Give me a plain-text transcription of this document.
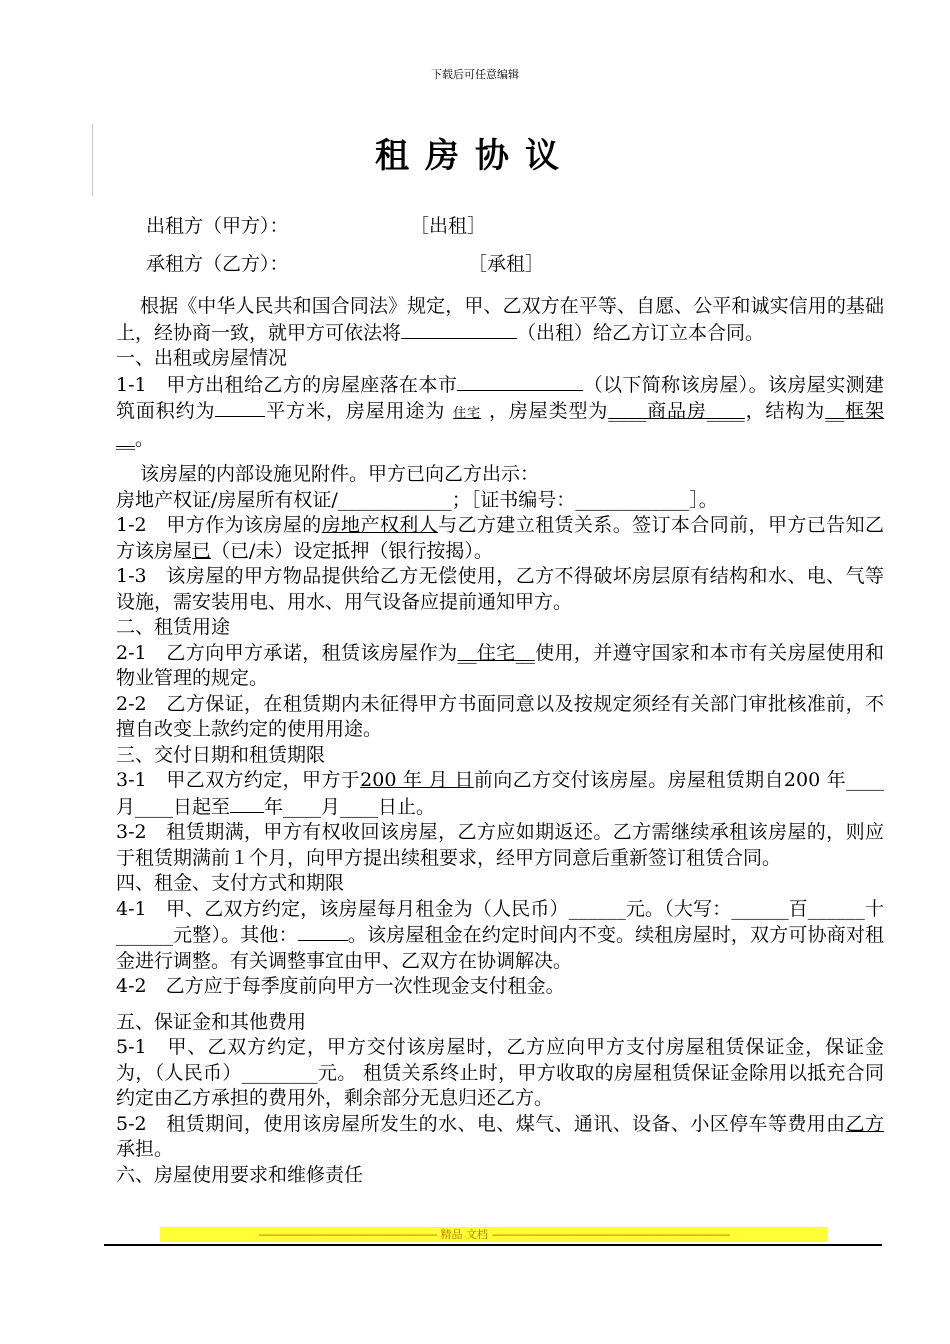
下载后可任意编辑
租房协议
出租方（甲方）：	［出租］
承租方（乙方）：	［承租］

根据《中华人民共和国合同法》规定，甲、乙双方在平等、自愿、公平和诚实信用的基础上，经协商一致，就甲方可依法将	（出租）给乙方订立本合同。

一、出租或房屋情况

1-1　甲方出租给乙方的房屋座落在本市	（以下简称该房屋）。该房屋实测建筑面积约为	平方米，房屋用途为 住宅 ，房屋类型为____商品房____，结构为__框架__。

该房屋的内部设施见附件。甲方已向乙方出示：

房地产权证/房屋所有权证/____________；［证书编号：____________］。

1-2　甲方作为该房屋的房地产权利人与乙方建立租赁关系。签订本合同前，甲方已告知乙方该房屋已（已/未）设定抵押（银行按揭）。

1-3　该房屋的甲方物品提供给乙方无偿使用，乙方不得破坏房层原有结构和水、电、气等设施，需安装用电、用水、用气设备应提前通知甲方。

二、租赁用途

2-1　乙方向甲方承诺，租赁该房屋作为__住宅__使用，并遵守国家和本市有关房屋使用和物业管理的规定。

2-2　乙方保证，在租赁期内未征得甲方书面同意以及按规定须经有关部门审批核准前，不擅自改变上款约定的使用用途。

三、交付日期和租赁期限

3-1　甲乙双方约定，甲方于200 年 月 日前向乙方交付该房屋。房屋租赁期自200 年____月____日起至 年____月____日止。

3-2　租赁期满，甲方有权收回该房屋，乙方应如期返还。乙方需继续承租该房屋的，则应于租赁期满前１个月，向甲方提出续租要求，经甲方同意后重新签订租赁合同。

四、租金、支付方式和期限

4-1　甲、乙双方约定，该房屋每月租金为（人民币）______元。（大写：______百______十______元整）。其他：	。该房屋租金在约定时间内不变。续租房屋时，双方可协商对租金进行调整。有关调整事宜由甲、乙双方在协调解决。

4-2　乙方应于每季度前向甲方一次性现金支付租金。

五、保证金和其他费用

5-1　甲、乙双方约定，甲方交付该房屋时，乙方应向甲方支付房屋租赁保证金，保证金为，（人民币）________元。 租赁关系终止时，甲方收取的房屋租赁保证金除用以抵充合同约定由乙方承担的费用外，剩余部分无息归还乙方。

5-2　租赁期间，使用该房屋所发生的水、电、煤气、通讯、设备、小区停车等费用由乙方承担。

六、房屋使用要求和维修责任

------------------------------------------------------------ 精品 文档 --------------------------------------------------------------------------------
